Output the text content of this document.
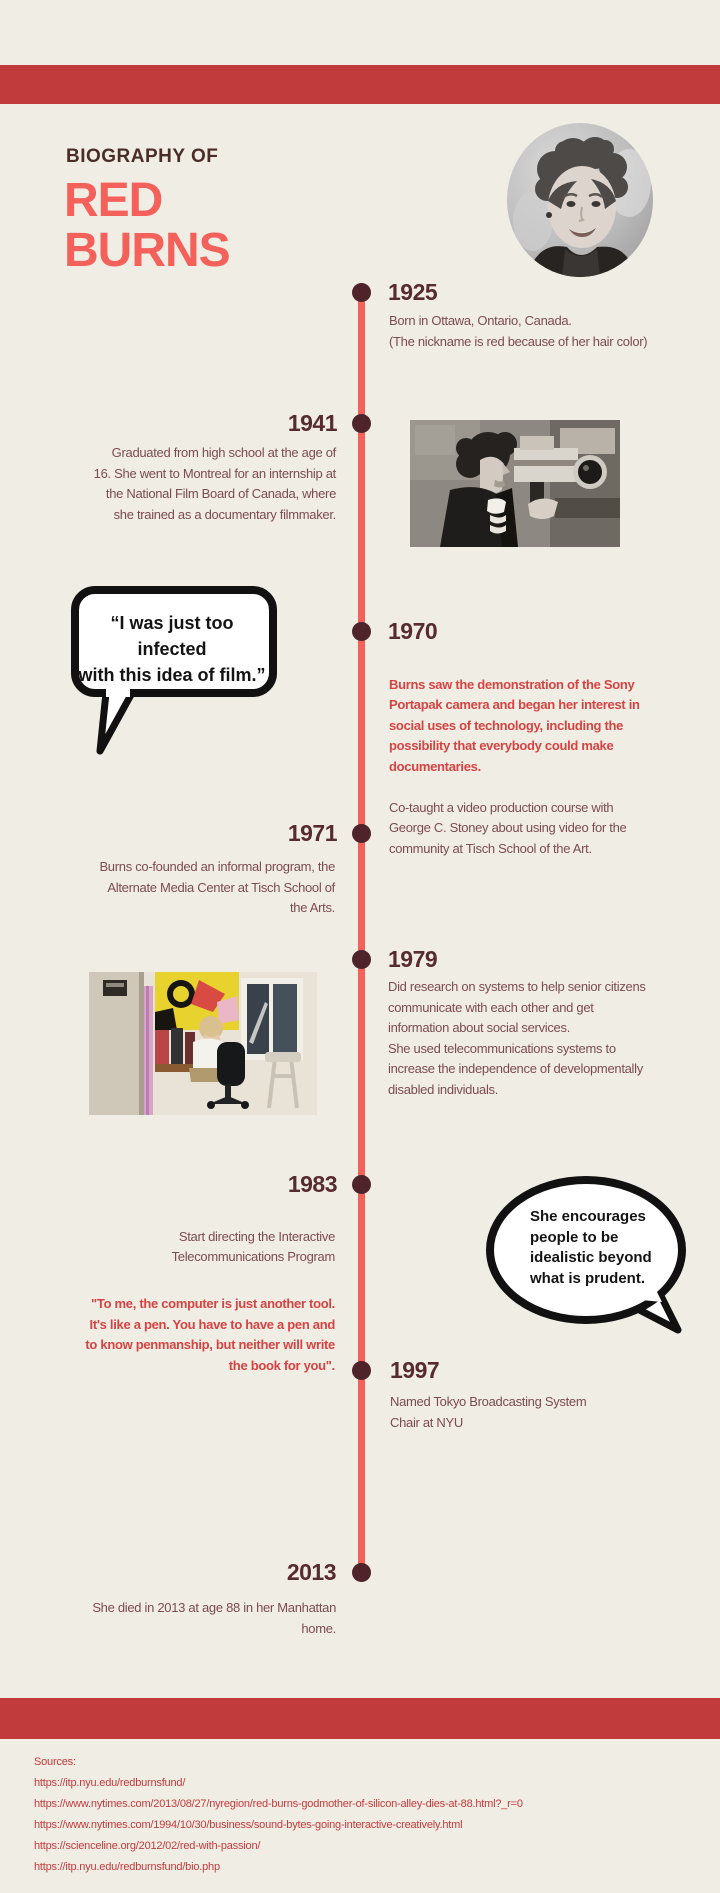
BIOGRAPHY OF
RED
BURNS
1925

Born in Ottawa, Ontario, Canada.
(The nickname is red because of her hair color)

1941

Graduated from high school at the age of
16. She went to Montreal for an internship at
the National Film Board of Canada, where
she trained as a documentary filmmaker.

“I was just too infected
with this idea of film.”
1970

Burns saw the demonstration of the Sony
Portapak camera and began her interest in
social uses of technology, including the
possibility that everybody could make
documentaries.

Co-taught a video production course with
George C. Stoney about using video for the
community at Tisch School of the Art.

1971

Burns co-founded an informal program, the
Alternate Media Center at Tisch School of
the Arts.

1979

Did research on systems to help senior citizens
communicate with each other and get
information about social services.
She used telecommunications systems to
increase the independence of developmentally
disabled individuals.

1983

Start directing the Interactive
Telecommunications Program

"To me, the computer is just another tool.
It's like a pen. You have to have a pen and
to know penmanship, but neither will write
the book for you".

She encourages
people to be
idealistic beyond
what is prudent.
1997

Named Tokyo Broadcasting System
Chair at NYU

2013

She died in 2013 at age 88 in her Manhattan
home.

Sources:
https://itp.nyu.edu/redburnsfund/
https://www.nytimes.com/2013/08/27/nyregion/red-burns-godmother-of-silicon-alley-dies-at-88.html?_r=0
https://www.nytimes.com/1994/10/30/business/sound-bytes-going-interactive-creatively.html
https://scienceline.org/2012/02/red-with-passion/
https://itp.nyu.edu/redburnsfund/bio.php
